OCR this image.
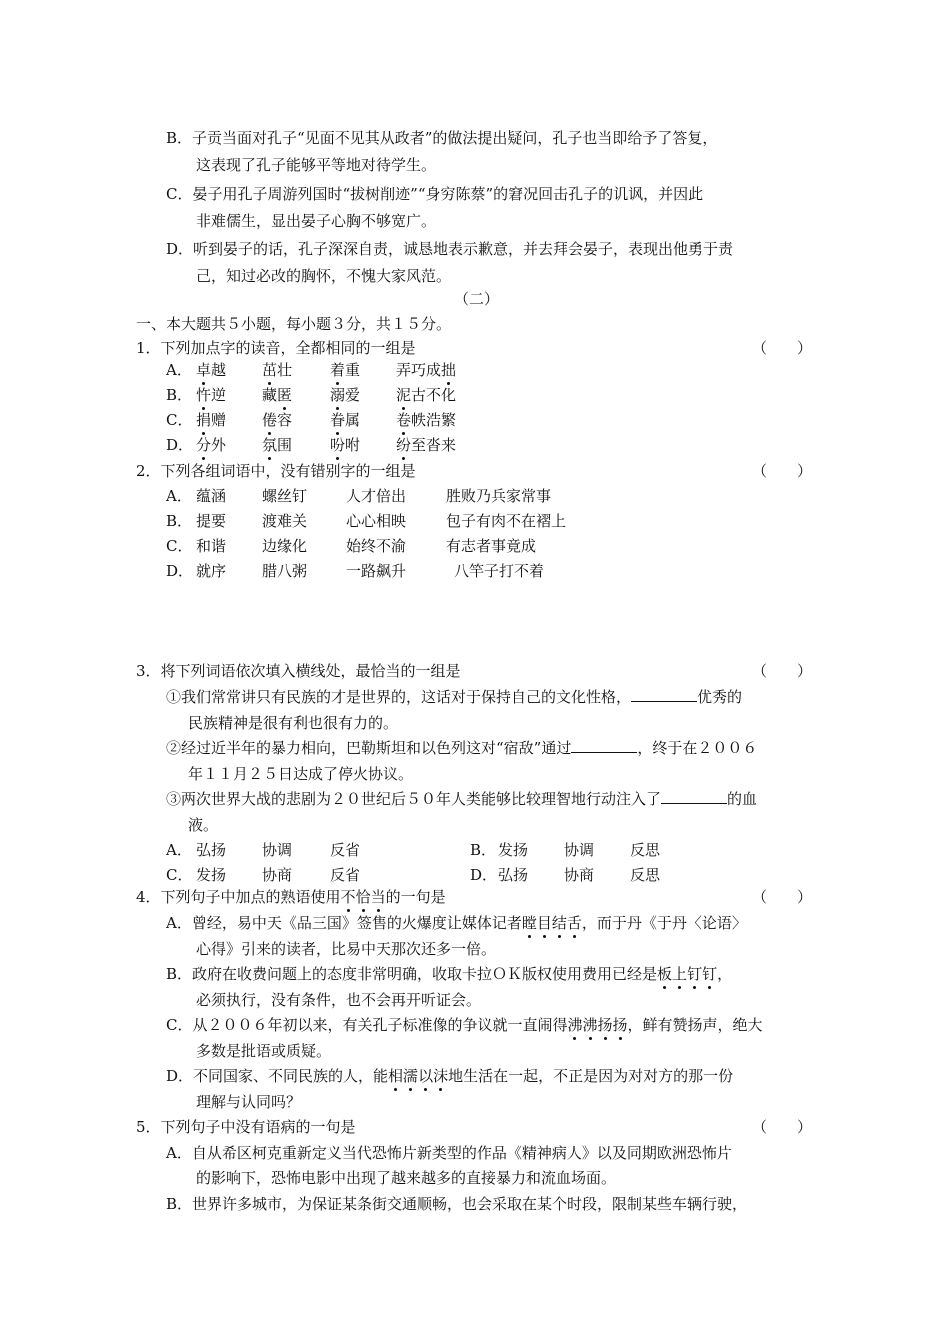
B．子贡当面对孔子“见面不见其从政者”的做法提出疑问，孔子也当即给予了答复，
这表现了孔子能够平等地对待学生。
C．晏子用孔子周游列国时“拔树削迹”“身穷陈蔡”的窘况回击孔子的讥讽，并因此
非难儒生，显出晏子心胸不够宽广。
D．听到晏子的话，孔子深深自责，诚恳地表示歉意，并去拜会晏子，表现出他勇于责
己，知过必改的胸怀，不愧大家风范。
（二）
一、本大题共５小题，每小题３分，共１５分。
1．下列加点字的读音，全都相同的一组是	（　　）
A． 卓越 茁壮	着重 弄巧成拙
B． 忤逆 藏匿	溺爱 泥古不化
C． 捐赠 倦容	眷属 卷帙浩繁
D． 分外 氛围	吩咐 纷至沓来
2．下列各组词语中，没有错别字的一组是	（　　）
A． 蕴涵 螺丝钉	人才倍出	胜败乃兵家常事
B． 提要 渡难关	心心相映	包子有肉不在褶上
C． 和谐 边缘化	始终不渝	有志者事竟成
D． 就序 腊八粥	一路飙升	八竿子打不着
3．将下列词语依次填入横线处，最恰当的一组是	（　　）
①我们常常讲只有民族的才是世界的，这话对于保持自己的文化性格，	优秀的
民族精神是很有利也很有力的。
②经过近半年的暴力相向，巴勒斯坦和以色列这对“宿敌”通过	，终于在２００６
年１１月２５日达成了停火协议。
③两次世界大战的悲剧为２０世纪后５０年人类能够比较理智地行动注入了	的血
液。
A． 弘扬 协调	反省	B． 发扬 协调 反思
C． 发扬 协商	反省	D． 弘扬 协商 反思
4．下列句子中加点的熟语使用不恰当的一句是	（　　）
A．曾经，易中天《品三国》签售的火爆度让媒体记者瞠目结舌，而于丹《于丹〈论语〉
心得》引来的读者，比易中天那次还多一倍。
B．政府在收费问题上的态度非常明确，收取卡拉ＯＫ版权使用费用已经是板上钉钉，
必须执行，没有条件，也不会再开听证会。
C．从２００６年初以来，有关孔子标准像的争议就一直闹得沸沸扬扬，鲜有赞扬声，绝大
多数是批语或质疑。
D．不同国家、不同民族的人，能相濡以沫地生活在一起，不正是因为对对方的那一份
理解与认同吗？
5．下列句子中没有语病的一句是	（　　）
A．自从希区柯克重新定义当代恐怖片新类型的作品《精神病人》以及同期欧洲恐怖片
的影响下，恐怖电影中出现了越来越多的直接暴力和流血场面。
B．世界许多城市，为保证某条街交通顺畅，也会采取在某个时段，限制某些车辆行驶，
